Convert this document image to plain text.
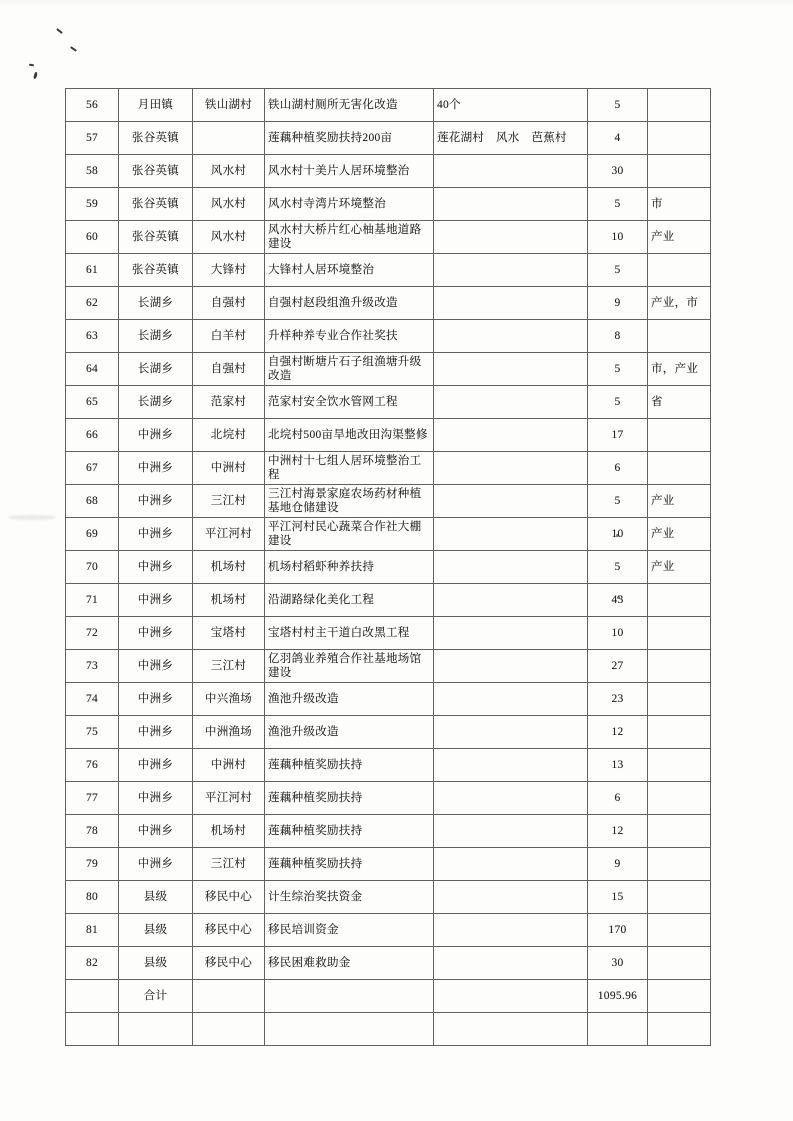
56	月田镇	铁山湖村	铁山湖村厕所无害化改造	40个	5	
57	张谷英镇		莲藕种植奖励扶持200亩	莲花湖村　风水　芭蕉村	4	
58	张谷英镇	风水村	风水村十美片人居环境整治		30	
59	张谷英镇	风水村	风水村寺湾片环境整治		5	市
60	张谷英镇	风水村	风水村大桥片红心柚基地道路建设		10	产业
61	张谷英镇	大锋村	大锋村人居环境整治		5	
62	长湖乡	自强村	自强村赵段组渔升级改造		9	产业，市
63	长湖乡	白羊村	升样种养专业合作社奖扶		8	
64	长湖乡	自强村	自强村断塘片石子组渔塘升级改造		5	市，产业
65	长湖乡	范家村	范家村安全饮水管网工程		5	省
66	中洲乡	北垸村	北垸村500亩旱地改田沟渠整修		17	
67	中洲乡	中洲村	中洲村十七组人居环境整治工程		6	
68	中洲乡	三江村	三江村海景家庭农场药材种植基地仓储建设		5	产业
69	中洲乡	平江河村	平江河村民心蔬菜合作社大棚建设		10	产业
70	中洲乡	机场村	机场村稻虾种养扶持		5	产业
71	中洲乡	机场村	沿湖路绿化美化工程		43	
72	中洲乡	宝塔村	宝塔村村主干道白改黑工程		10	
73	中洲乡	三江村	亿羽鸽业养殖合作社基地场馆建设		27	
74	中洲乡	中兴渔场	渔池升级改造		23	
75	中洲乡	中洲渔场	渔池升级改造		12	
76	中洲乡	中洲村	莲藕种植奖励扶持		13	
77	中洲乡	平江河村	莲藕种植奖励扶持		6	
78	中洲乡	机场村	莲藕种植奖励扶持		12	
79	中洲乡	三江村	莲藕种植奖励扶持		9	
80	县级	移民中心	计生综治奖扶资金		15	
81	县级	移民中心	移民培训资金		170	
82	县级	移民中心	移民困难救助金		30	
	合计				1095.96	
